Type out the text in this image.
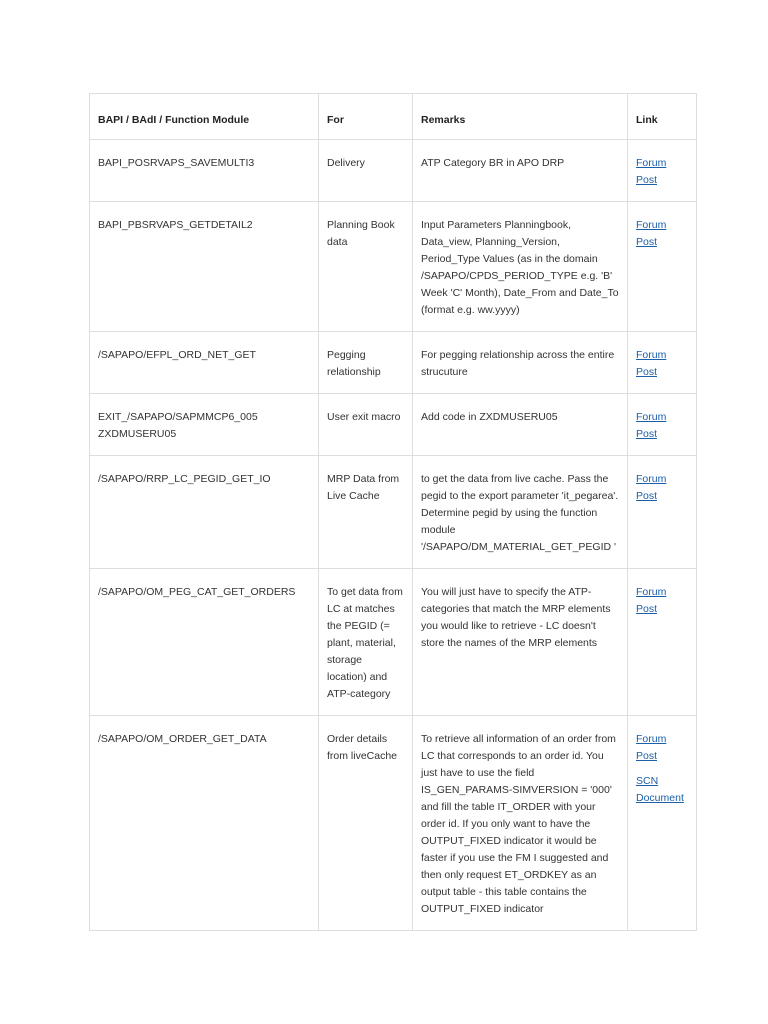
BAPI / BAdI / Function Module	For	Remarks	Link
BAPI_POSRVAPS_SAVEMULTI3	Delivery	ATP Category BR in APO DRP	Forum Post

BAPI_PBSRVAPS_GETDETAIL2	Planning Book data	Input Parameters Planningbook, Data_view, Planning_Version, Period_Type Values (as in the domain /SAPAPO/CPDS_PERIOD_TYPE e.g. 'B' Week 'C' Month), Date_From and Date_To (format e.g. ww.yyyy)	Forum Post

/SAPAPO/EFPL_ORD_NET_GET	Pegging relationship	For pegging relationship across the entire strucuture	Forum Post

EXIT_/SAPAPO/SAPMMCP6_005 ZXDMUSERU05	User exit macro	Add code in ZXDMUSERU05	Forum Post

/SAPAPO/RRP_LC_PEGID_GET_IO	MRP Data from Live Cache	to get the data from live cache. Pass the pegid to the export parameter 'it_pegarea'. Determine pegid by using the function module '/SAPAPO/DM_MATERIAL_GET_PEGID '	Forum Post

/SAPAPO/OM_PEG_CAT_GET_ORDERS	To get data from LC at matches the PEGID (= plant, material, storage location) and ATP-category	You will just have to specify the ATP-categories that match the MRP elements you would like to retrieve - LC doesn't store the names of the MRP elements	Forum Post

/SAPAPO/OM_ORDER_GET_DATA	Order details from liveCache	To retrieve all information of an order from LC that corresponds to an order id. You just have to use the field IS_GEN_PARAMS-SIMVERSION = '000' and fill the table IT_ORDER with your order id. If you only want to have the OUTPUT_FIXED indicator it would be faster if you use the FM I suggested and then only request ET_ORDKEY as an output table - this table contains the OUTPUT_FIXED indicator	Forum Post
SCN Document
